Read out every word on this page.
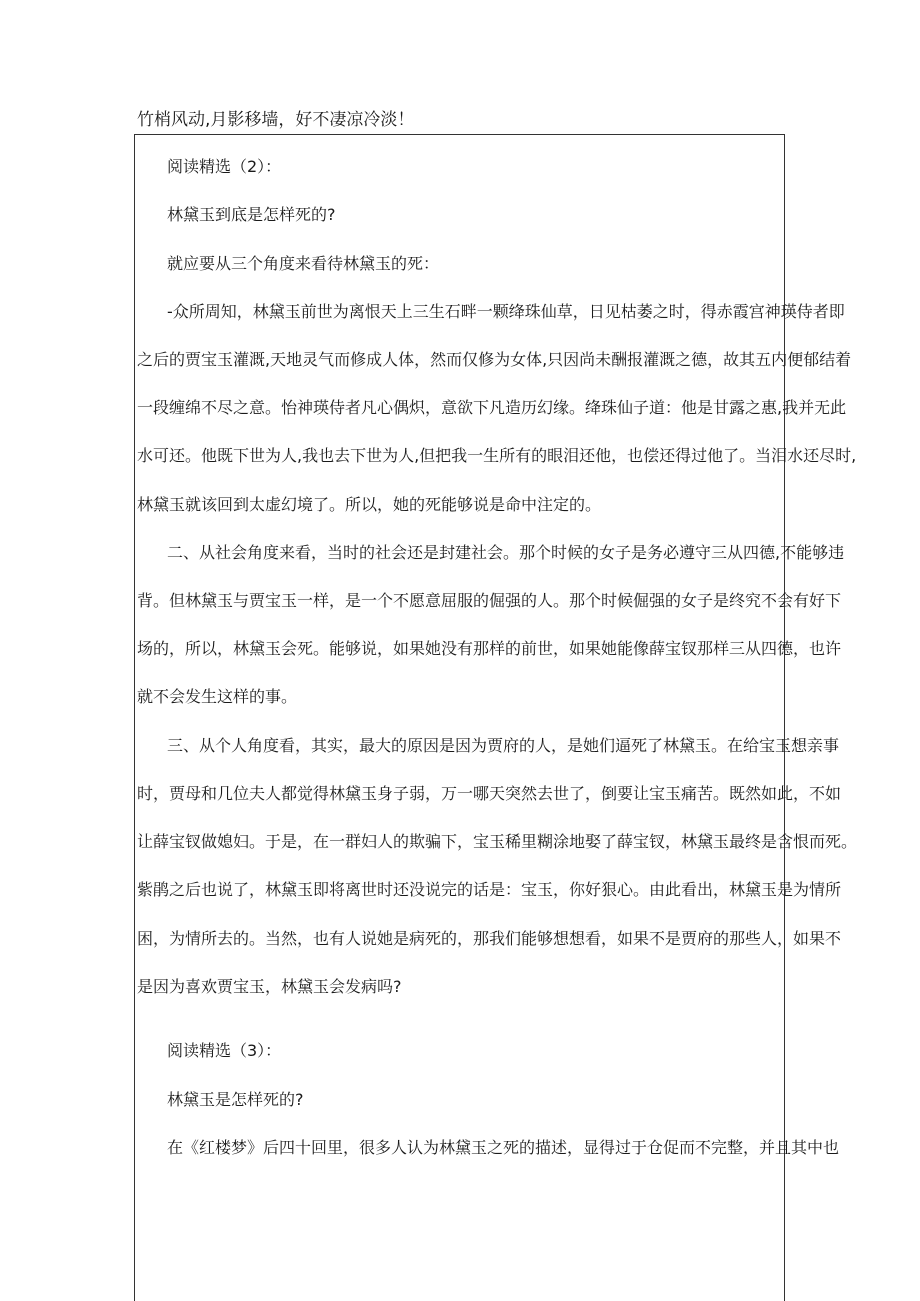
竹梢风动,月影移墙，好不凄凉冷淡！
阅读精选（2）：
林黛玉到底是怎样死的?
就应要从三个角度来看待林黛玉的死：
-众所周知，林黛玉前世为离恨天上三生石畔一颗绛珠仙草，日见枯萎之时，得赤霞宫神瑛侍者即
之后的贾宝玉灌溉,天地灵气而修成人体，然而仅修为女体,只因尚未酬报灌溉之德，故其五内便郁结着
一段缠绵不尽之意。怡神瑛侍者凡心偶炽，意欲下凡造历幻缘。绛珠仙子道：他是甘露之惠,我并无此
水可还。他既下世为人,我也去下世为人,但把我一生所有的眼泪还他，也偿还得过他了。当泪水还尽时,
林黛玉就该回到太虚幻境了。所以，她的死能够说是命中注定的。
二、从社会角度来看，当时的社会还是封建社会。那个时候的女子是务必遵守三从四德,不能够违
背。但林黛玉与贾宝玉一样，是一个不愿意屈服的倔强的人。那个时候倔强的女子是终究不会有好下
场的，所以，林黛玉会死。能够说，如果她没有那样的前世，如果她能像薛宝钗那样三从四德，也许
就不会发生这样的事。
三、从个人角度看，其实，最大的原因是因为贾府的人，是她们逼死了林黛玉。在给宝玉想亲事
时，贾母和几位夫人都觉得林黛玉身子弱，万一哪天突然去世了，倒要让宝玉痛苦。既然如此，不如
让薛宝钗做媳妇。于是，在一群妇人的欺骗下，宝玉稀里糊涂地娶了薛宝钗，林黛玉最终是含恨而死。
紫鹃之后也说了，林黛玉即将离世时还没说完的话是：宝玉，你好狠心。由此看出，林黛玉是为情所
困，为情所去的。当然，也有人说她是病死的，那我们能够想想看，如果不是贾府的那些人，如果不
是因为喜欢贾宝玉，林黛玉会发病吗?
阅读精选（3）：
林黛玉是怎样死的?
在《红楼梦》后四十回里，很多人认为林黛玉之死的描述，显得过于仓促而不完整，并且其中也
